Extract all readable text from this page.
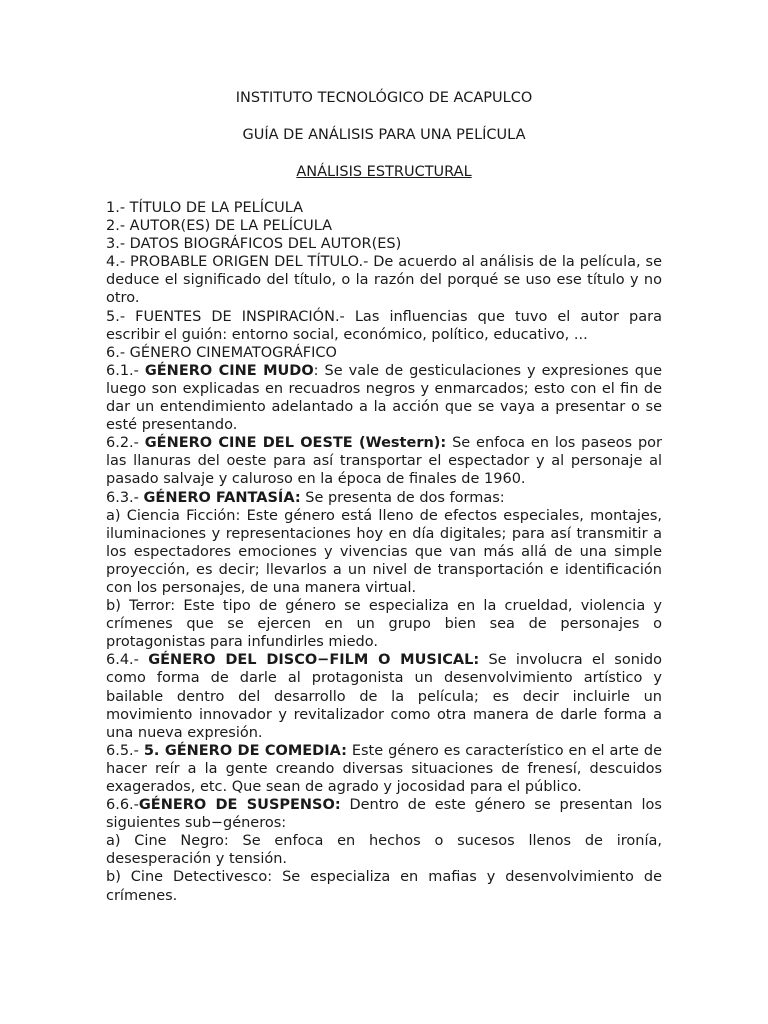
INSTITUTO TECNOLÓGICO DE ACAPULCO

GUÍA DE ANÁLISIS PARA UNA PELÍCULA

ANÁLISIS ESTRUCTURAL

1.- TÍTULO DE LA PELÍCULA

2.- AUTOR(ES) DE LA PELÍCULA

3.- DATOS BIOGRÁFICOS DEL AUTOR(ES)

4.- PROBABLE ORIGEN DEL TÍTULO.- De acuerdo al análisis de la película, se deduce el significado del título, o la razón del porqué se uso ese título y no otro.

5.- FUENTES DE INSPIRACIÓN.- Las influencias que tuvo el autor para escribir el guión: entorno social, económico, político, educativo, ...

6.- GÉNERO CINEMATOGRÁFICO

6.1.- GÉNERO CINE MUDO: Se vale de gesticulaciones y expresiones que luego son explicadas en recuadros negros y enmarcados; esto con el fin de dar un entendimiento adelantado a la acción que se vaya a presentar o se esté presentando.

6.2.- GÉNERO CINE DEL OESTE (Western): Se enfoca en los paseos por las llanuras del oeste para así transportar el espectador y al personaje al pasado salvaje y caluroso en la época de finales de 1960.

6.3.- GÉNERO FANTASÍA: Se presenta de dos formas:

a) Ciencia Ficción: Este género está lleno de efectos especiales, montajes, iluminaciones y representaciones hoy en día digitales; para así transmitir a los espectadores emociones y vivencias que van más allá de una simple proyección, es decir; llevarlos a un nivel de transportación e identificación con los personajes, de una manera virtual.

b) Terror: Este tipo de género se especializa en la crueldad, violencia y crímenes que se ejercen en un grupo bien sea de personajes o protagonistas para infundirles miedo.

6.4.- GÉNERO DEL DISCO−FILM O MUSICAL: Se involucra el sonido como forma de darle al protagonista un desenvolvimiento artístico y bailable dentro del desarrollo de la película; es decir incluirle un movimiento innovador y revitalizador como otra manera de darle forma a una nueva expresión.

6.5.- 5. GÉNERO DE COMEDIA: Este género es característico en el arte de hacer reír a la gente creando diversas situaciones de frenesí, descuidos exagerados, etc. Que sean de agrado y jocosidad para el público.

6.6.-GÉNERO DE SUSPENSO: Dentro de este género se presentan los siguientes sub−géneros:

a) Cine Negro: Se enfoca en hechos o sucesos llenos de ironía, desesperación y tensión.

b) Cine Detectivesco: Se especializa en mafias y desenvolvimiento de crímenes.
